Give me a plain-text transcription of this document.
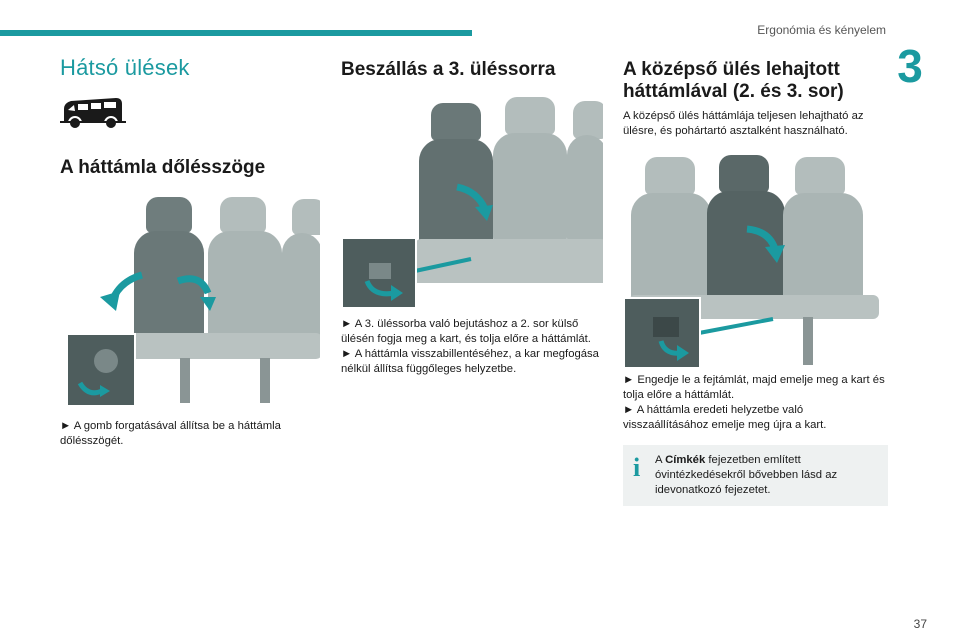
Ergonómia és kényelem
3
Hátsó ülések
A háttámla dőlésszöge

► A gomb forgatásával állítsa be a háttámla dőlésszögét.

Beszállás a 3. üléssorra

► A 3. üléssorba való bejutáshoz a 2. sor külső ülésén fogja meg a kart, és tolja előre a háttámlát.

► A háttámla visszabillentéséhez, a kar megfogása nélkül állítsa függőleges helyzetbe.

A középső ülés lehajtott háttámlával (2. és 3. sor)

A középső ülés háttámlája teljesen lehajtható az ülésre, és pohártartó asztalként használható.

► Engedje le a fejtámlát, majd emelje meg a kart és tolja előre a háttámlát.

► A háttámla eredeti helyzetbe való visszaállításához emelje meg újra a kart.

i	A Címkék fejezetben említett óvintézkedésekről bővebben lásd az idevonatkozó fejezetet.
37
